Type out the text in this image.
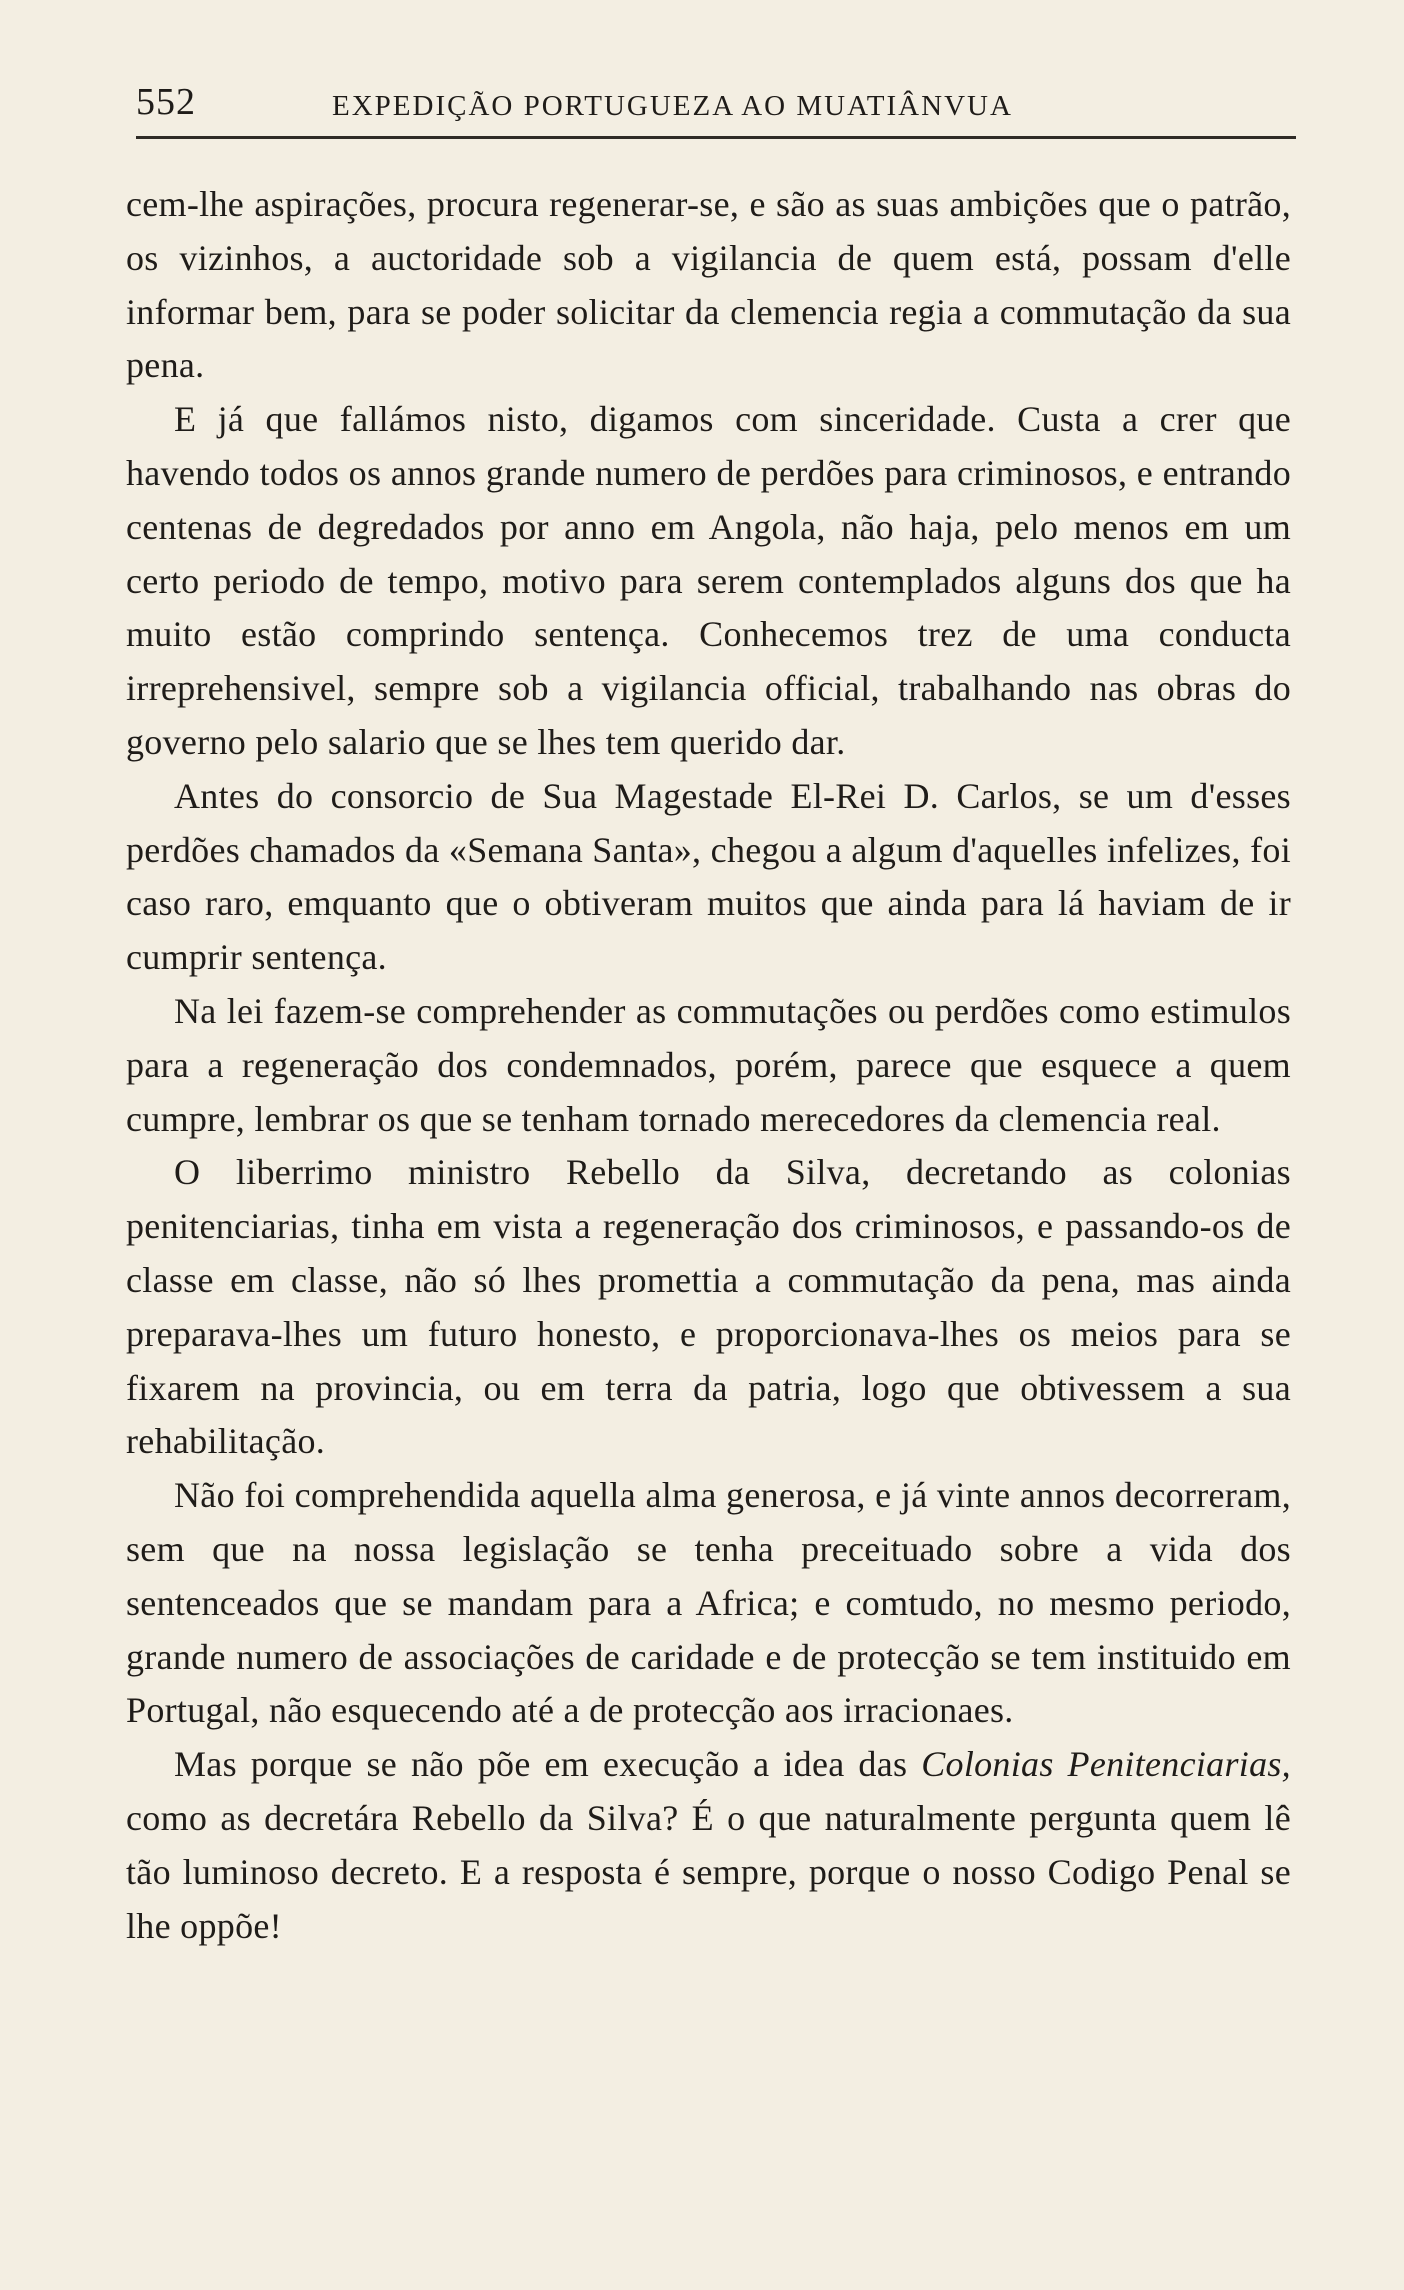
552	EXPEDIÇÃO PORTUGUEZA AO MUATIÂNVUA

cem-lhe aspirações, procura regenerar-se, e são as suas ambições que o patrão, os vizinhos, a auctoridade sob a vigilancia de quem está, possam d'elle informar bem, para se poder solicitar da clemencia regia a commutação da sua pena.

E já que fallámos nisto, digamos com sinceridade. Custa a crer que havendo todos os annos grande numero de perdões para criminosos, e entrando centenas de degredados por anno em Angola, não haja, pelo menos em um certo periodo de tempo, motivo para serem contemplados alguns dos que ha muito estão comprindo sentença. Conhecemos trez de uma conducta irreprehensivel, sempre sob a vigilancia official, trabalhando nas obras do governo pelo salario que se lhes tem querido dar.

Antes do consorcio de Sua Magestade El-Rei D. Carlos, se um d'esses perdões chamados da «Semana Santa», chegou a algum d'aquelles infelizes, foi caso raro, emquanto que o obtiveram muitos que ainda para lá haviam de ir cumprir sentença.

Na lei fazem-se comprehender as commutações ou perdões como estimulos para a regeneração dos condemnados, porém, parece que esquece a quem cumpre, lembrar os que se tenham tornado merecedores da clemencia real.

O liberrimo ministro Rebello da Silva, decretando as colonias penitenciarias, tinha em vista a regeneração dos criminosos, e passando-os de classe em classe, não só lhes promettia a commutação da pena, mas ainda preparava-lhes um futuro honesto, e proporcionava-lhes os meios para se fixarem na provincia, ou em terra da patria, logo que obtivessem a sua rehabilitação.

Não foi comprehendida aquella alma generosa, e já vinte annos decorreram, sem que na nossa legislação se tenha preceituado sobre a vida dos sentenceados que se mandam para a Africa; e comtudo, no mesmo periodo, grande numero de associações de caridade e de protecção se tem instituido em Portugal, não esquecendo até a de protecção aos irracionaes.

Mas porque se não põe em execução a idea das Colonias Penitenciarias, como as decretára Rebello da Silva? É o que naturalmente pergunta quem lê tão luminoso decreto. E a resposta é sempre, porque o nosso Codigo Penal se lhe oppõe!
